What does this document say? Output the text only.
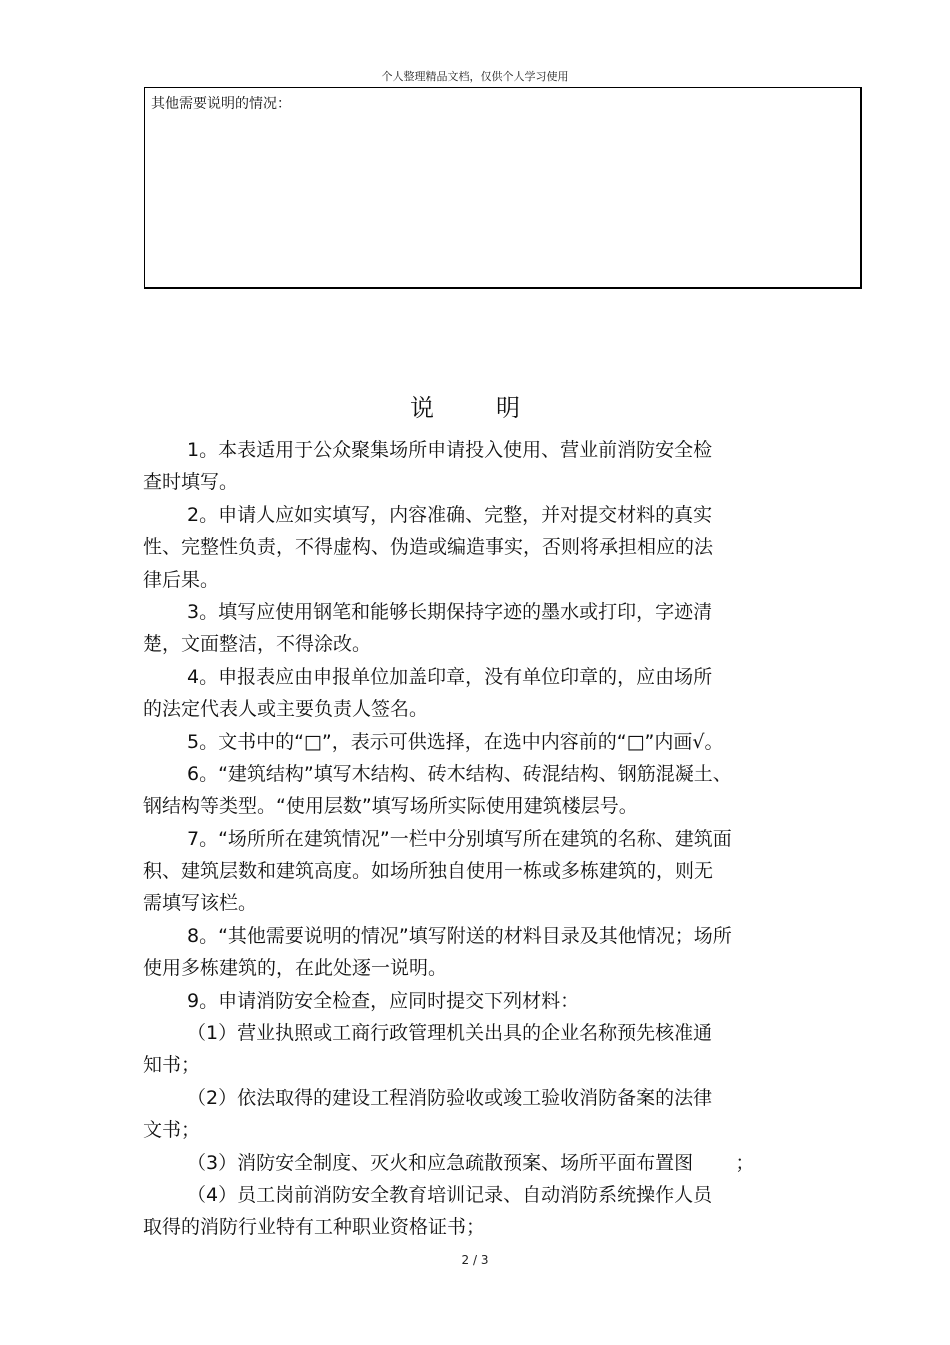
个人整理精品文档，仅供个人学习使用
其他需要说明的情况：
说明
1。本表适用于公众聚集场所申请投入使用、营业前消防安全检
查时填写。
2。申请人应如实填写，内容准确、完整，并对提交材料的真实
性、完整性负责，不得虚构、伪造或编造事实，否则将承担相应的法
律后果。
3。填写应使用钢笔和能够长期保持字迹的墨水或打印，字迹清
楚，文面整洁，不得涂改。
4。申报表应由申报单位加盖印章，没有单位印章的，应由场所
的法定代表人或主要负责人签名。
5。文书中的“□”，表示可供选择，在选中内容前的“□”内画√。
6。“建筑结构”填写木结构、砖木结构、砖混结构、钢筋混凝土、
钢结构等类型。“使用层数”填写场所实际使用建筑楼层号。
7。“场所所在建筑情况”一栏中分别填写所在建筑的名称、建筑面
积、建筑层数和建筑高度。如场所独自使用一栋或多栋建筑的，则无
需填写该栏。
8。“其他需要说明的情况”填写附送的材料目录及其他情况；场所
使用多栋建筑的，在此处逐一说明。
9。申请消防安全检查，应同时提交下列材料：
（1）营业执照或工商行政管理机关出具的企业名称预先核准通
知书；
（2）依法取得的建设工程消防验收或竣工验收消防备案的法律
文书；
（3）消防安全制度、灭火和应急疏散预案、场所平面布置图       ；
（4）员工岗前消防安全教育培训记录、自动消防系统操作人员
取得的消防行业特有工种职业资格证书；
2 / 3
